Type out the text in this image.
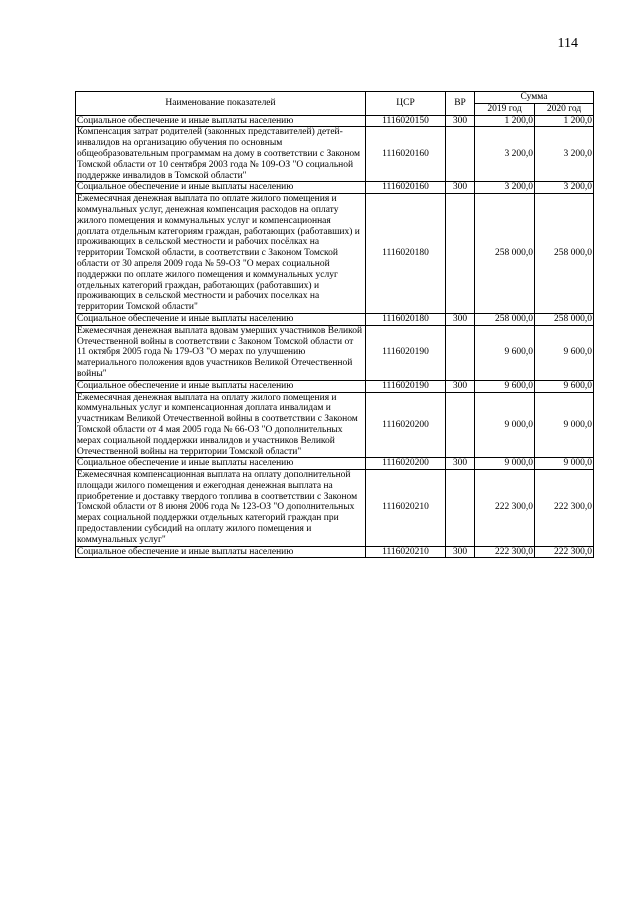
114
Наименование показателей	ЦСР	ВР	Сумма	
			2019 год	2020 год
Социальное обеспечение и иные выплаты населению	1116020150	300	1 200,0	1 200,0
Компенсация затрат родителей (законных представителей) детей-инвалидов на организацию обучения по основным общеобразовательным программам на дому в соответствии с Законом Томской области от 10 сентября 2003 года № 109-ОЗ "О социальной поддержке инвалидов в Томской области"	1116020160		3 200,0	3 200,0
Социальное обеспечение и иные выплаты населению	1116020160	300	3 200,0	3 200,0
Ежемесячная денежная выплата по оплате жилого помещения и коммунальных услуг, денежная компенсация расходов на оплату жилого помещения и коммунальных услуг и компенсационная доплата отдельным категориям граждан, работающих (работавших) и проживающих в сельской местности и рабочих посёлках на территории Томской области, в соответствии с Законом Томской области от 30 апреля 2009 года № 59-ОЗ "О мерах социальной поддержки по оплате жилого помещения и коммунальных услуг отдельных категорий граждан, работающих (работавших) и проживающих в сельской местности и рабочих поселках на территории Томской области"	1116020180		258 000,0	258 000,0
Социальное обеспечение и иные выплаты населению	1116020180	300	258 000,0	258 000,0
Ежемесячная денежная выплата вдовам умерших участников Великой Отечественной войны в соответствии с Законом Томской области от 11 октября 2005 года № 179-ОЗ "О мерах по улучшению материального положения вдов участников Великой Отечественной войны"	1116020190		9 600,0	9 600,0
Социальное обеспечение и иные выплаты населению	1116020190	300	9 600,0	9 600,0
Ежемесячная денежная выплата на оплату жилого помещения и коммунальных услуг и компенсационная доплата инвалидам и участникам Великой Отечественной войны в соответствии с Законом Томской области от 4 мая 2005 года № 66-ОЗ "О дополнительных мерах социальной поддержки инвалидов и участников Великой Отечественной войны на территории Томской области"	1116020200		9 000,0	9 000,0
Социальное обеспечение и иные выплаты населению	1116020200	300	9 000,0	9 000,0
Ежемесячная компенсационная выплата на оплату дополнительной площади жилого помещения и ежегодная денежная выплата на приобретение и доставку твердого топлива в соответствии с Законом Томской области от 8 июня 2006 года № 123-ОЗ "О дополнительных мерах социальной поддержки отдельных категорий граждан при предоставлении субсидий на оплату жилого помещения и коммунальных услуг"	1116020210		222 300,0	222 300,0
Социальное обеспечение и иные выплаты населению	1116020210	300	222 300,0	222 300,0
